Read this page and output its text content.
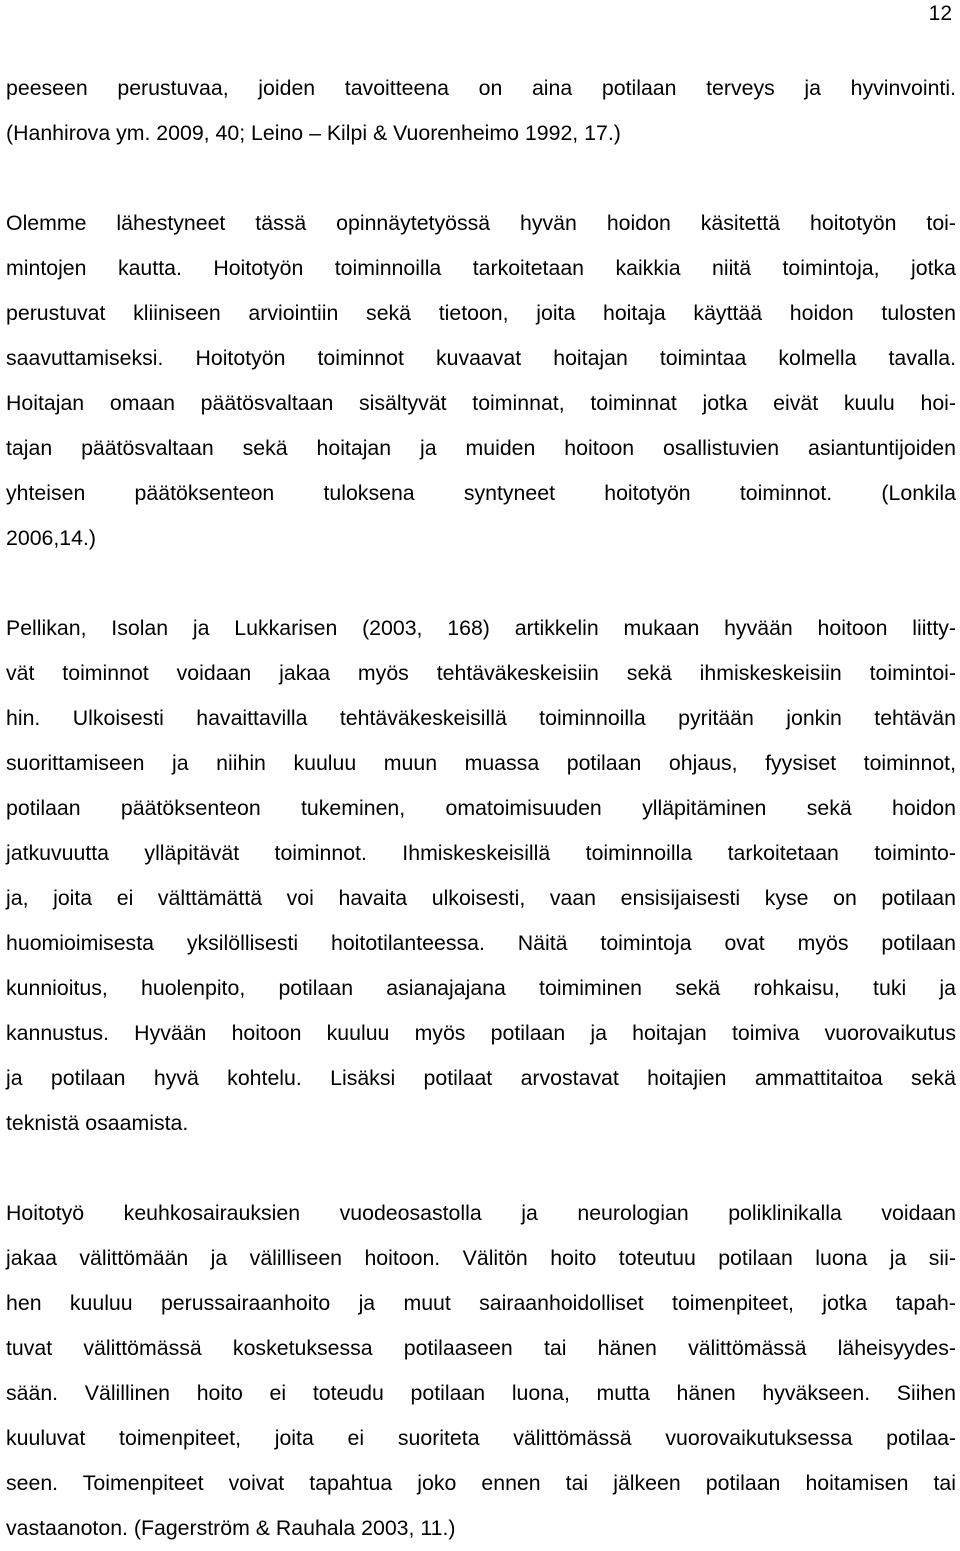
12
peeseen perustuvaa, joiden tavoitteena on aina potilaan terveys ja hyvinvointi.
(Hanhirova ym. 2009, 40; Leino – Kilpi & Vuorenheimo 1992, 17.)
Olemme lähestyneet tässä opinnäytetyössä hyvän hoidon käsitettä hoitotyön toi-
mintojen kautta. Hoitotyön toiminnoilla tarkoitetaan kaikkia niitä toimintoja, jotka
perustuvat kliiniseen arviointiin sekä tietoon, joita hoitaja käyttää hoidon tulosten
saavuttamiseksi. Hoitotyön toiminnot kuvaavat hoitajan toimintaa kolmella tavalla.
Hoitajan omaan päätösvaltaan sisältyvät toiminnat, toiminnat jotka eivät kuulu hoi-
tajan päätösvaltaan sekä hoitajan ja muiden hoitoon osallistuvien asiantuntijoiden
yhteisen päätöksenteon tuloksena syntyneet hoitotyön toiminnot. (Lonkila
2006,14.)
Pellikan, Isolan ja Lukkarisen (2003, 168) artikkelin mukaan hyvään hoitoon liitty-
vät toiminnot voidaan jakaa myös tehtäväkeskeisiin sekä ihmiskeskeisiin toimintoi-
hin. Ulkoisesti havaittavilla tehtäväkeskeisillä toiminnoilla pyritään jonkin tehtävän
suorittamiseen ja niihin kuuluu muun muassa potilaan ohjaus, fyysiset toiminnot,
potilaan päätöksenteon tukeminen, omatoimisuuden ylläpitäminen sekä hoidon
jatkuvuutta ylläpitävät toiminnot. Ihmiskeskeisillä toiminnoilla tarkoitetaan toiminto-
ja, joita ei välttämättä voi havaita ulkoisesti, vaan ensisijaisesti kyse on potilaan
huomioimisesta yksilöllisesti hoitotilanteessa. Näitä toimintoja ovat myös potilaan
kunnioitus, huolenpito, potilaan asianajajana toimiminen sekä rohkaisu, tuki ja
kannustus. Hyvään hoitoon kuuluu myös potilaan ja hoitajan toimiva vuorovaikutus
ja potilaan hyvä kohtelu. Lisäksi potilaat arvostavat hoitajien ammattitaitoa sekä
teknistä osaamista.
Hoitotyö keuhkosairauksien vuodeosastolla ja neurologian poliklinikalla voidaan
jakaa välittömään ja välilliseen hoitoon. Välitön hoito toteutuu potilaan luona ja sii-
hen kuuluu perussairaanhoito ja muut sairaanhoidolliset toimenpiteet, jotka tapah-
tuvat välittömässä kosketuksessa potilaaseen tai hänen välittömässä läheisyydes-
sään. Välillinen hoito ei toteudu potilaan luona, mutta hänen hyväkseen. Siihen
kuuluvat toimenpiteet, joita ei suoriteta välittömässä vuorovaikutuksessa potilaa-
seen. Toimenpiteet voivat tapahtua joko ennen tai jälkeen potilaan hoitamisen tai
vastaanoton. (Fagerström & Rauhala 2003, 11.)
